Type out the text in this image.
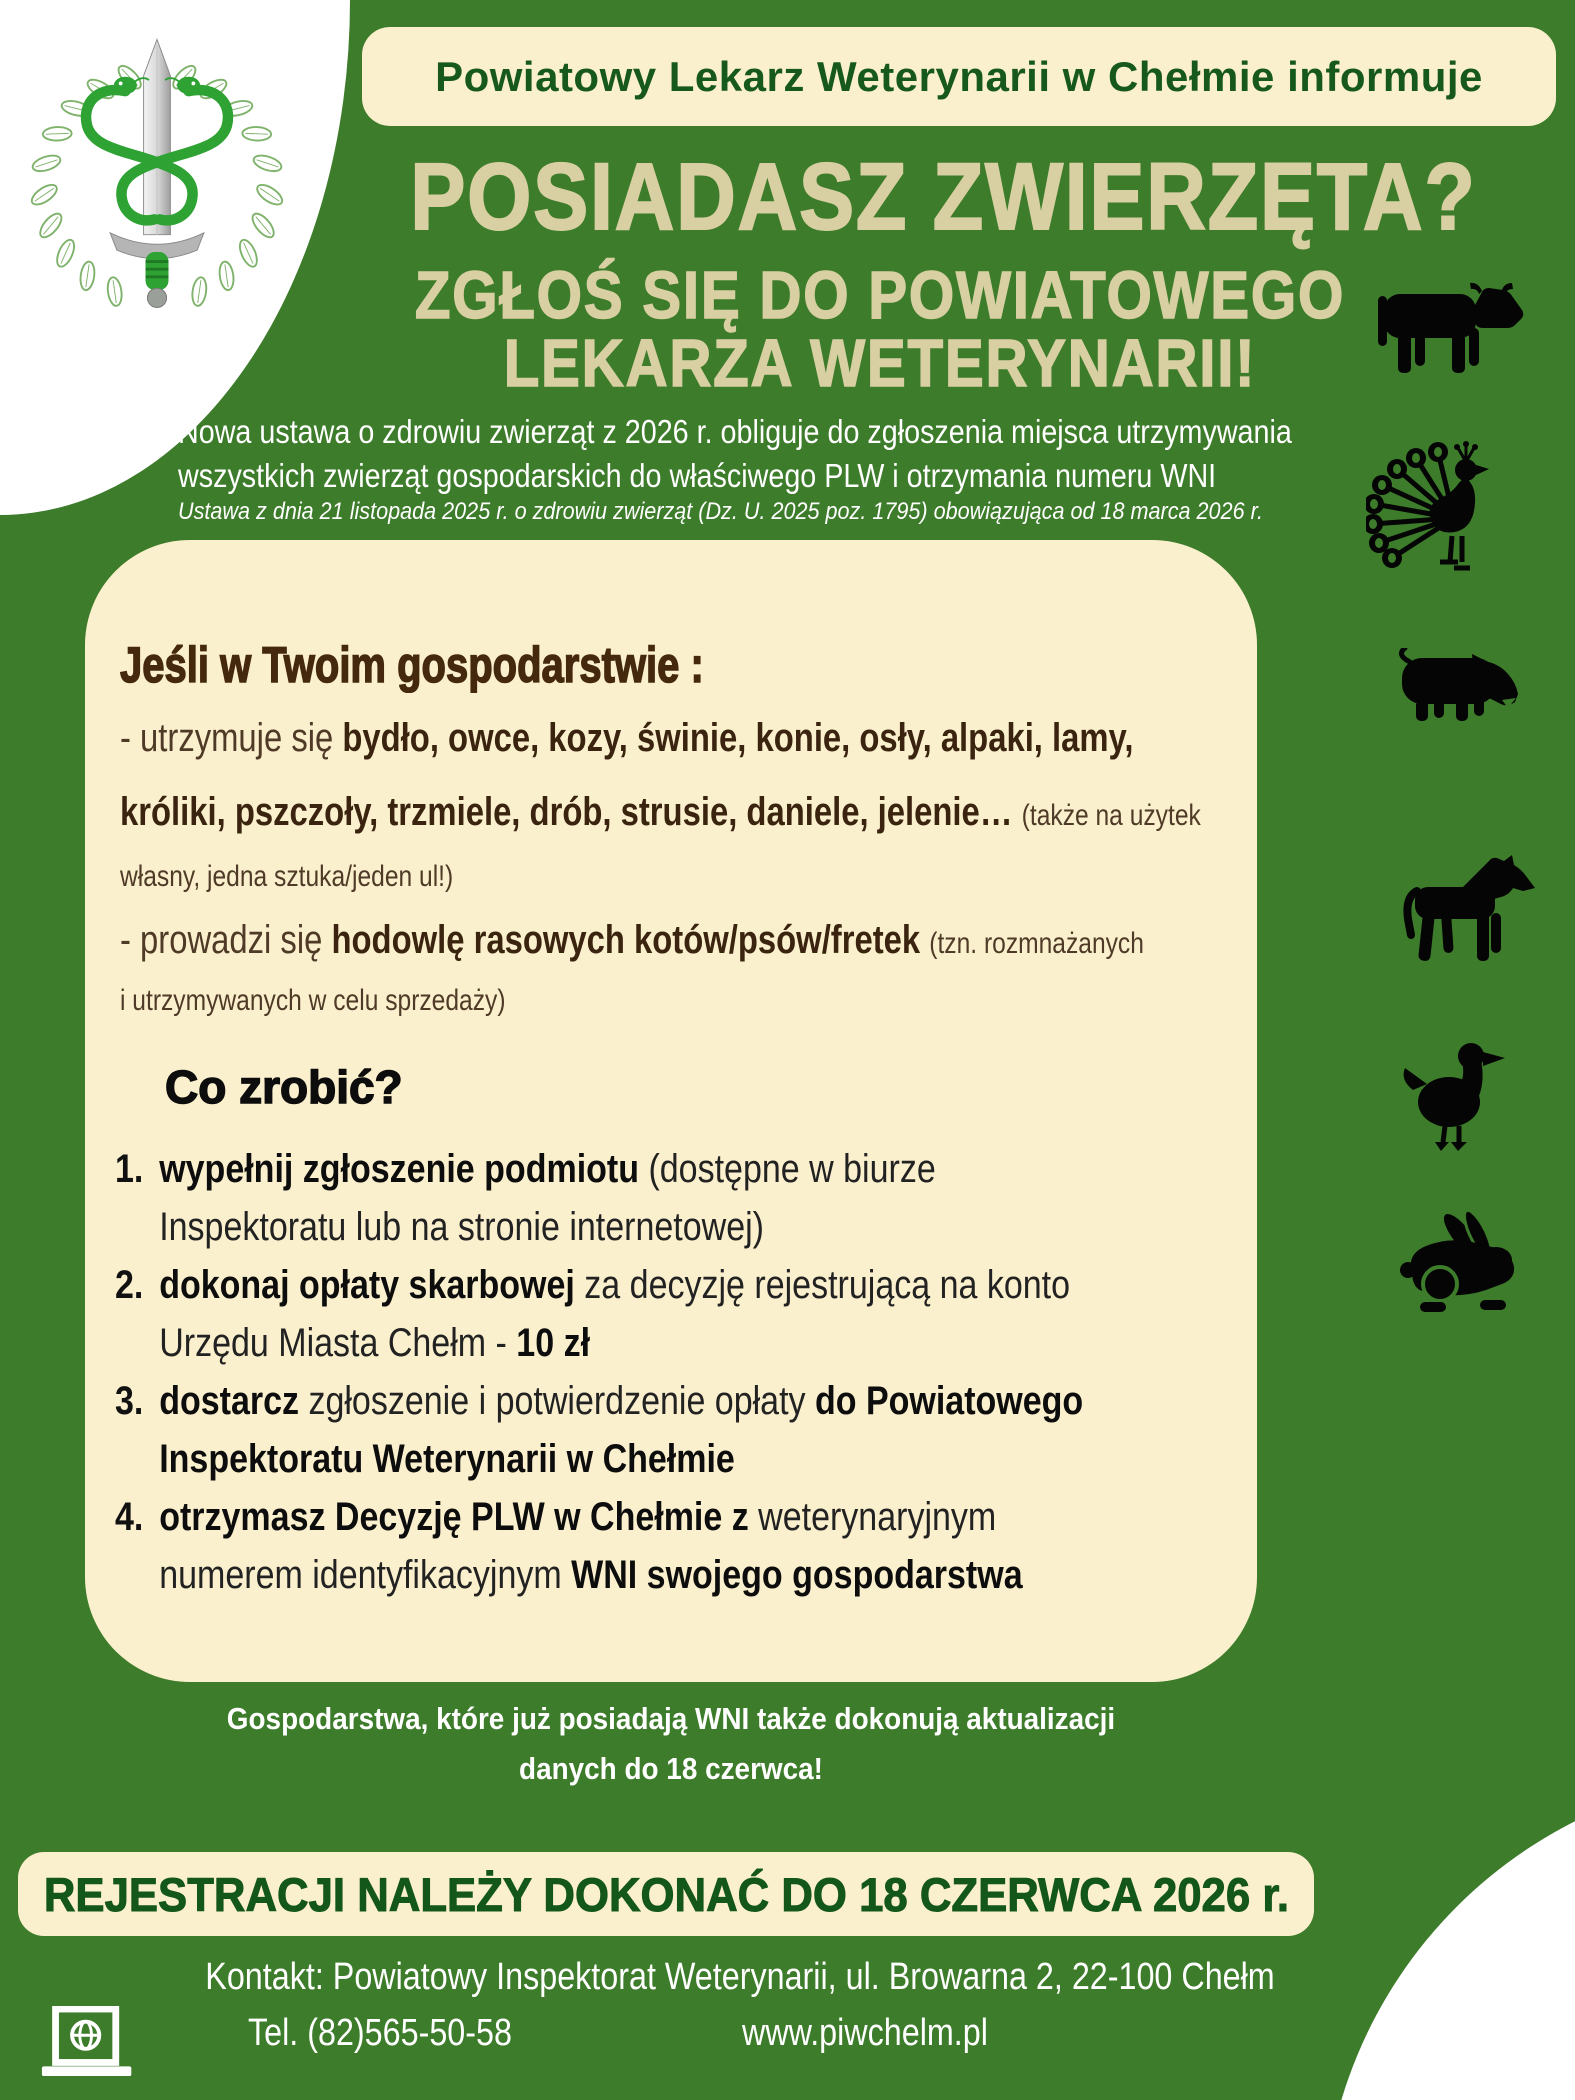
Powiatowy Lekarz Weterynarii w Chełmie informuje
POSIADASZ ZWIERZĘTA?
ZGŁOŚ SIĘ DO POWIATOWEGO
LEKARZA WETERYNARII!
Nowa ustawa o zdrowiu zwierząt z 2026 r. obliguje do zgłoszenia miejsca utrzymywania
wszystkich zwierząt gospodarskich do właściwego PLW i otrzymania numeru WNI
Ustawa z dnia 21 listopada 2025 r. o zdrowiu zwierząt (Dz. U. 2025 poz. 1795) obowiązująca od 18 marca 2026 r.
Jeśli w Twoim gospodarstwie :
- utrzymuje się bydło, owce, kozy, świnie, konie, osły, alpaki, lamy,
króliki, pszczoły, trzmiele, drób, strusie, daniele, jelenie… (także na użytek
własny, jedna sztuka/jeden ul!)
- prowadzi się hodowlę rasowych kotów/psów/fretek (tzn. rozmnażanych
i utrzymywanych w celu sprzedaży)
Co zrobić?
1. wypełnij zgłoszenie podmiotu (dostępne w biurze
Inspektoratu lub na stronie internetowej)
2. dokonaj opłaty skarbowej za decyzję rejestrującą na konto
Urzędu Miasta Chełm - 10 zł
3. dostarcz zgłoszenie i potwierdzenie opłaty do Powiatowego
Inspektoratu Weterynarii w Chełmie
4. otrzymasz Decyzję PLW w Chełmie z weterynaryjnym
numerem identyfikacyjnym WNI swojego gospodarstwa
Gospodarstwa, które już posiadają WNI także dokonują aktualizacji
danych do 18 czerwca!
REJESTRACJI NALEŻY DOKONAĆ DO 18 CZERWCA 2026 r.
Kontakt: Powiatowy Inspektorat Weterynarii, ul. Browarna 2, 22-100 Chełm
Tel. (82)565-50-58	www.piwchelm.pl
